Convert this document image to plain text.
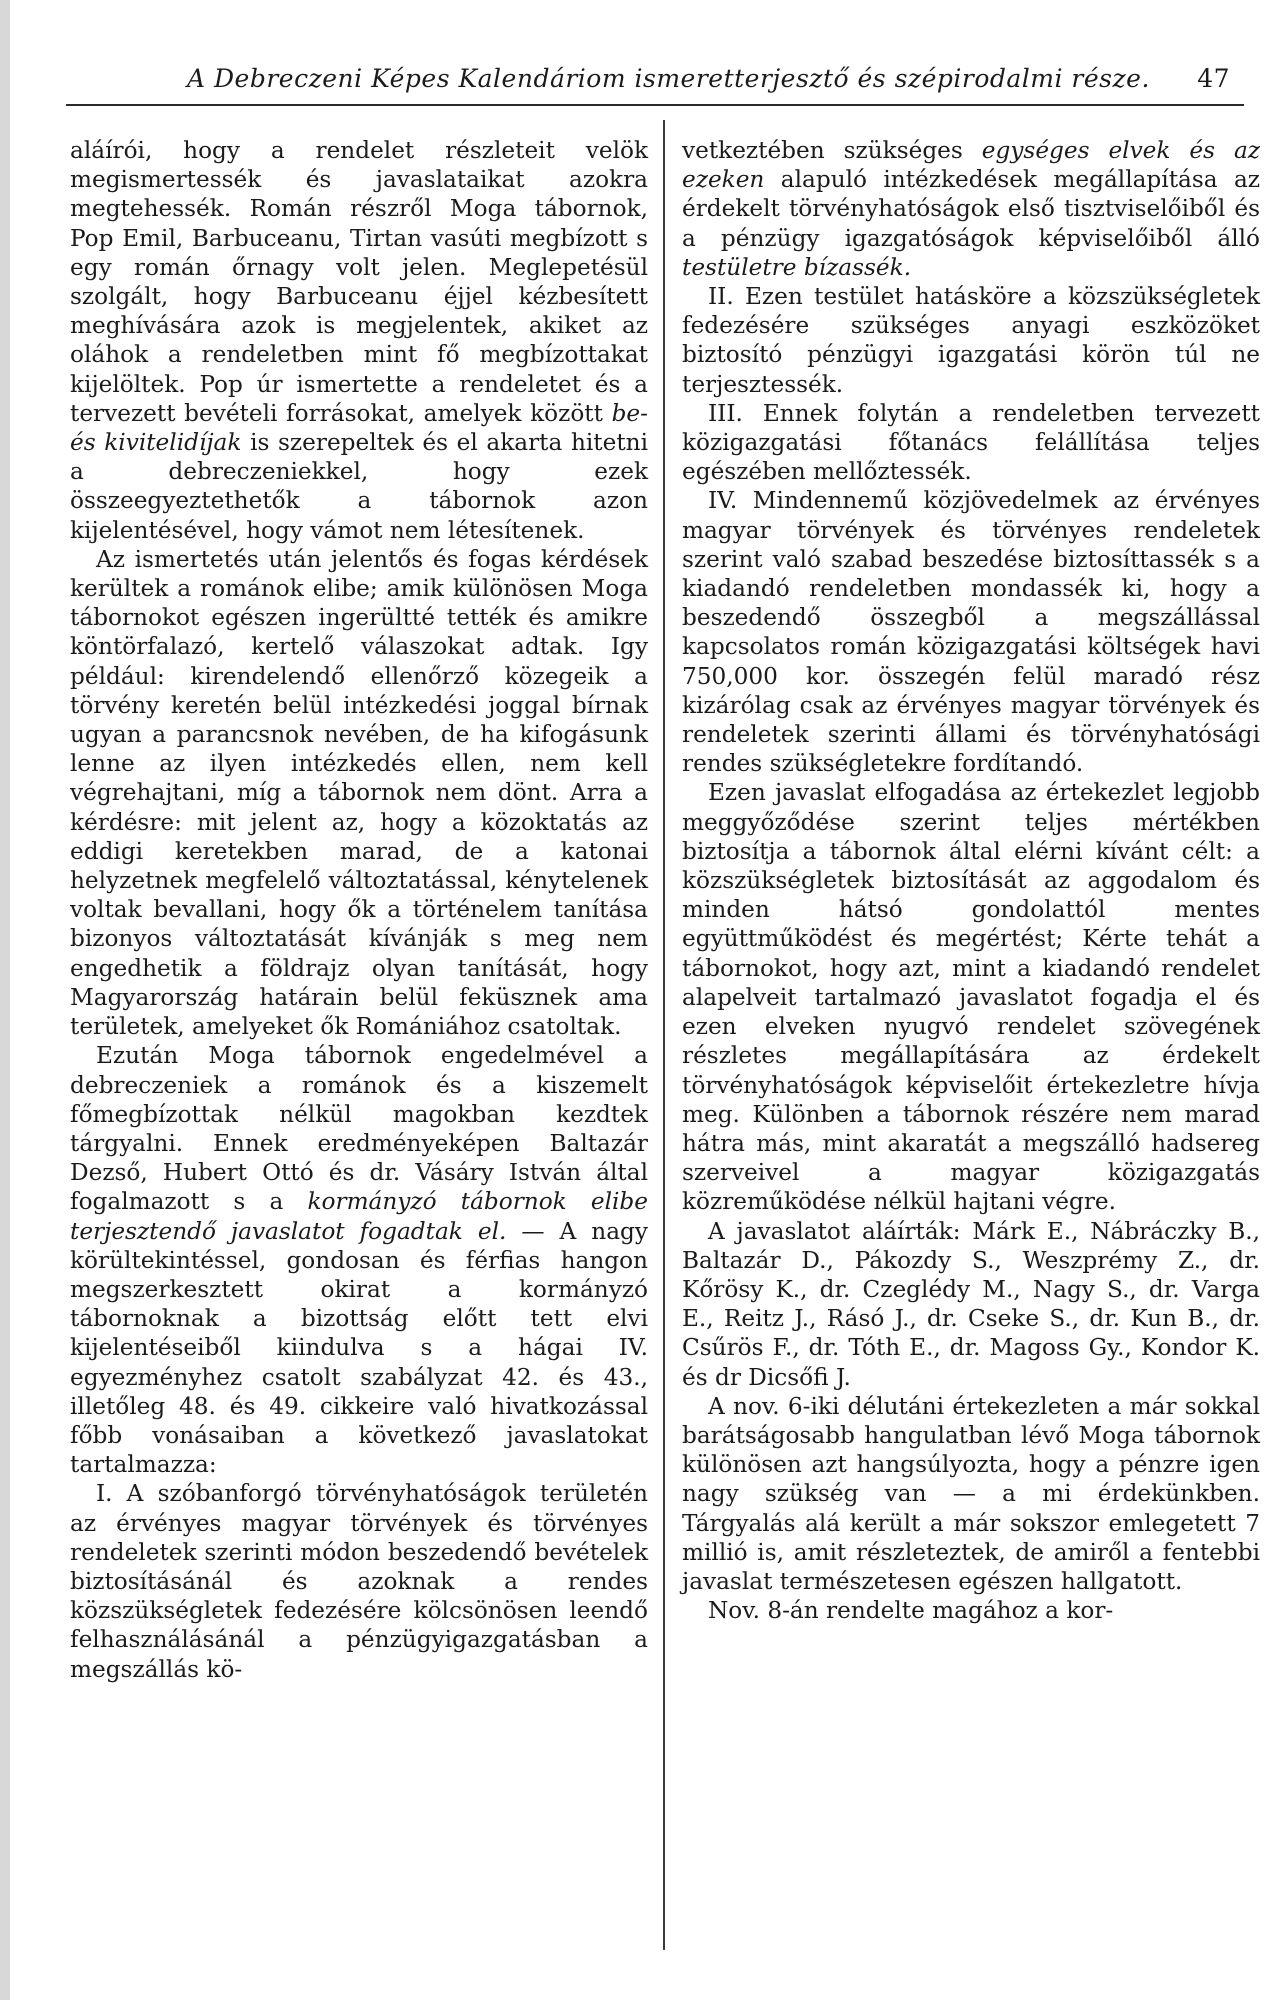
A Debreczeni Képes Kalendáriom ismeretterjesztő és szépirodalmi része. 47

aláírói, hogy a rendelet részleteit velök megismertessék és javaslataikat azokra megtehessék. Román részről Moga tábornok, Pop Emil, Barbuceanu, Tirtan vasúti megbízott s egy román őrnagy volt jelen. Meglepetésül szolgált, hogy Barbuceanu éjjel kézbesített meghívására azok is megjelentek, akiket az oláhok a rendeletben mint fő megbízottakat kijelöltek. Pop úr ismertette a rendeletet és a tervezett bevételi forrásokat, amelyek között be- és kivitelidíjak is szerepeltek és el akarta hitetni a debreczeniekkel, hogy ezek összeegyeztethetők a tábornok azon kijelentésével, hogy vámot nem létesítenek.

Az ismertetés után jelentős és fogas kérdések kerültek a románok elibe; amik különösen Moga tábornokot egészen ingerültté tették és amikre köntörfalazó, kertelő válaszokat adtak. Igy például: kirendelendő ellenőrző közegeik a törvény keretén belül intézkedési joggal bírnak ugyan a parancsnok nevében, de ha kifogásunk lenne az ilyen intézkedés ellen, nem kell végrehajtani, míg a tábornok nem dönt. Arra a kérdésre: mit jelent az, hogy a közoktatás az eddigi keretekben marad, de a katonai helyzetnek megfelelő változtatással, kénytelenek voltak bevallani, hogy ők a történelem tanítása bizonyos változtatását kívánják s meg nem engedhetik a földrajz olyan tanítását, hogy Magyarország határain belül feküsznek ama területek, amelyeket ők Romániához csatoltak.

Ezután Moga tábornok engedelmével a debreczeniek a románok és a kiszemelt főmegbízottak nélkül magokban kezdtek tárgyalni. Ennek eredményeképen Baltazár Dezső, Hubert Ottó és dr. Vásáry István által fogalmazott s a kormányzó tábornok elibe terjesztendő javaslatot fogadtak el. — A nagy körültekintéssel, gondosan és férfias hangon megszerkesztett okirat a kormányzó tábornoknak a bizottság előtt tett elvi kijelentéseiből kiindulva s a hágai IV. egyezményhez csatolt szabályzat 42. és 43., illetőleg 48. és 49. cikkeire való hivatkozással főbb vonásaiban a következő javaslatokat tartalmazza:

I. A szóbanforgó törvényhatóságok területén az érvényes magyar törvények és törvényes rendeletek szerinti módon beszedendő bevételek biztosításánál és azoknak a rendes közszükségletek fedezésére kölcsönösen leendő felhasználásánál a pénzügyigazgatásban a megszállás kö-

vetkeztében szükséges egységes elvek és az ezeken alapuló intézkedések megállapítása az érdekelt törvényhatóságok első tisztviselőiből és a pénzügy igazgatóságok képviselőiből álló testületre bízassék.

II. Ezen testület hatásköre a közszükségletek fedezésére szükséges anyagi eszközöket biztosító pénzügyi igazgatási körön túl ne terjesztessék.

III. Ennek folytán a rendeletben tervezett közigazgatási főtanács felállítása teljes egészében mellőztessék.

IV. Mindennemű közjövedelmek az érvényes magyar törvények és törvényes rendeletek szerint való szabad beszedése biztosíttassék s a kiadandó rendeletben mondassék ki, hogy a beszedendő összegből a megszállással kapcsolatos román közigazgatási költségek havi 750,000 kor. összegén felül maradó rész kizárólag csak az érvényes magyar törvények és rendeletek szerinti állami és törvényhatósági rendes szükségletekre fordítandó.

Ezen javaslat elfogadása az értekezlet legjobb meggyőződése szerint teljes mértékben biztosítja a tábornok által elérni kívánt célt: a közszükségletek biztosítását az aggodalom és minden hátsó gondolattól mentes együttműködést és megértést; Kérte tehát a tábornokot, hogy azt, mint a kiadandó rendelet alapelveit tartalmazó javaslatot fogadja el és ezen elveken nyugvó rendelet szövegének részletes megállapítására az érdekelt törvényhatóságok képviselőit értekezletre hívja meg. Különben a tábornok részére nem marad hátra más, mint akaratát a megszálló hadsereg szerveivel a magyar közigazgatás közreműködése nélkül hajtani végre.

A javaslatot aláírták: Márk E., Nábráczky B., Baltazár D., Pákozdy S., Weszprémy Z., dr. Kőrösy K., dr. Czeglédy M., Nagy S., dr. Varga E., Reitz J., Rásó J., dr. Cseke S., dr. Kun B., dr. Csűrös F., dr. Tóth E., dr. Magoss Gy., Kondor K. és dr Dicsőfi J.

A nov. 6-iki délutáni értekezleten a már sokkal barátságosabb hangulatban lévő Moga tábornok különösen azt hangsúlyozta, hogy a pénzre igen nagy szükség van — a mi érdekünkben. Tárgyalás alá került a már sokszor emlegetett 7 millió is, amit részleteztek, de amiről a fentebbi javaslat természetesen egészen hallgatott.

Nov. 8-án rendelte magához a kor-
